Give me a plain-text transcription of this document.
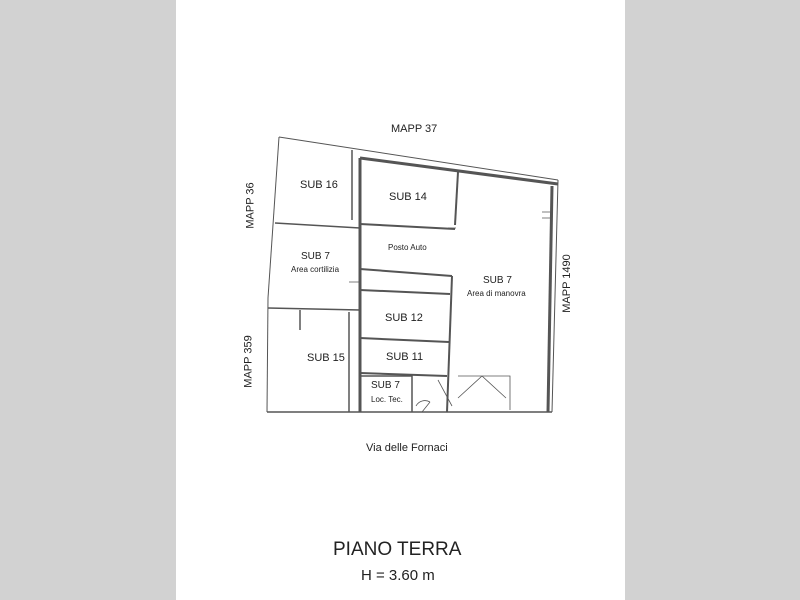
MAPP 37
MAPP 36
MAPP 359
MAPP 1490
SUB 16
SUB 14
Posto Auto
SUB 7
Area cortilizia
SUB 7
Area di manovra
SUB 12
SUB 15	SUB 11
SUB 7
Loc. Tec.
Via delle Fornaci
PIANO TERRA
H = 3.60 m
